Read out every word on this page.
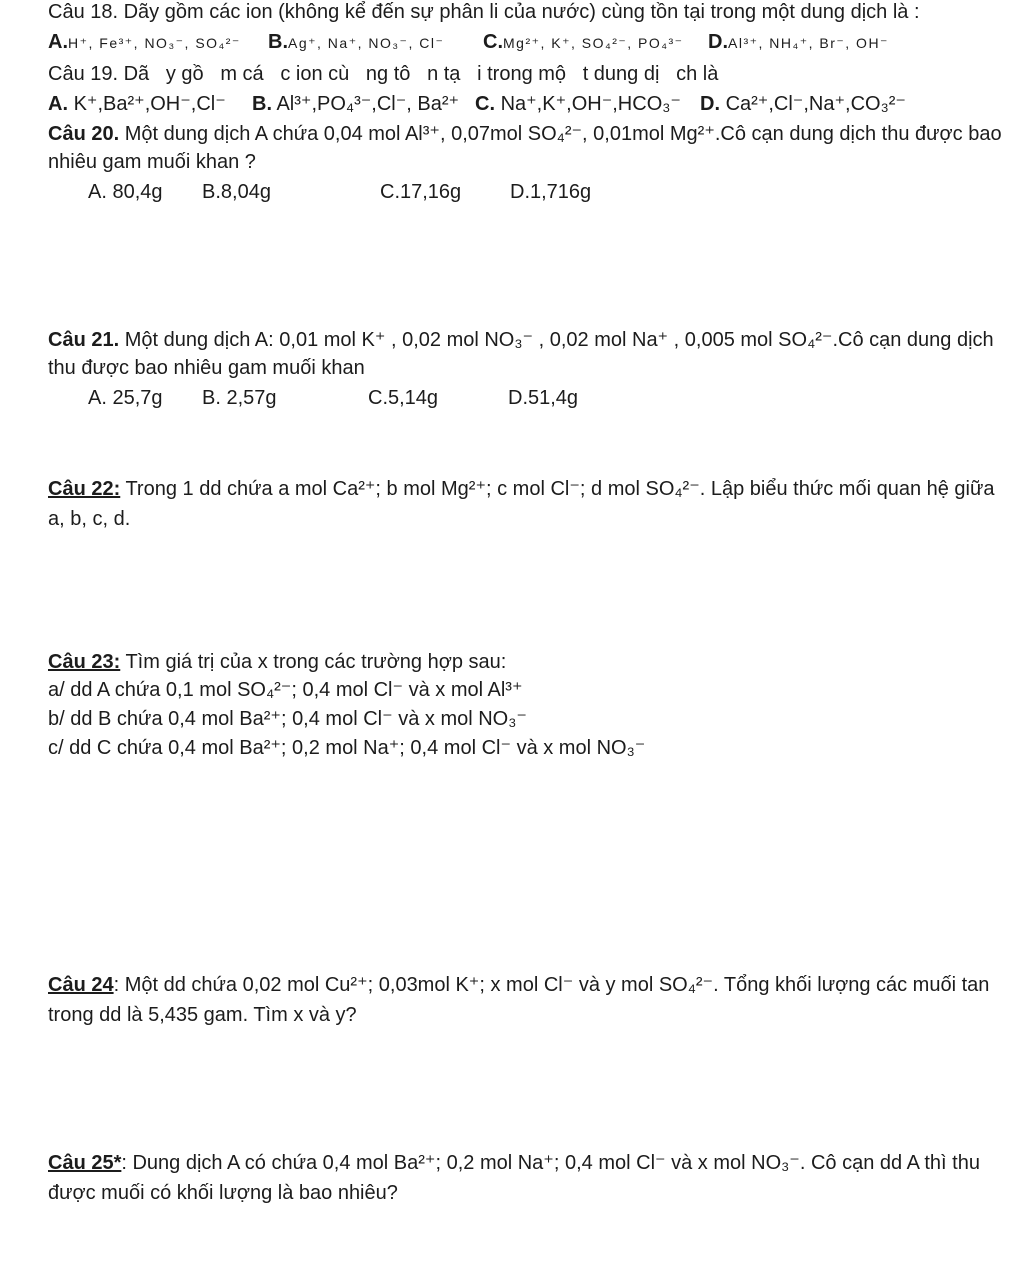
Câu 18. Dãy gồm các ion (không kể đến sự phân li của nước) cùng tồn tại trong một dung dịch là :
A.H⁺, Fe³⁺, NO₃⁻, SO₄²⁻ B.Ag⁺, Na⁺, NO₃⁻, Cl⁻ C.Mg²⁺, K⁺, SO₄²⁻, PO₄³⁻ D.Al³⁺, NH₄⁺, Br⁻, OH⁻
Câu 19. Dã   y gồ   m cá   c ion cù   ng tô   n tạ   i trong mộ   t dung dị   ch là
A. K⁺,Ba²⁺,OH⁻,Cl⁻ B. Al³⁺,PO₄³⁻,Cl⁻, Ba²⁺ C. Na⁺,K⁺,OH⁻,HCO₃⁻ D. Ca²⁺,Cl⁻,Na⁺,CO₃²⁻
Câu 20. Một dung dịch A chứa 0,04 mol Al³⁺, 0,07mol SO₄²⁻, 0,01mol Mg²⁺.Cô cạn dung dịch thu được bao nhiêu gam muối khan ?
A. 80,4g B.8,04g	C.17,16g D.1,716g
Câu 21. Một dung dịch A: 0,01 mol K⁺ , 0,02 mol NO₃⁻ , 0,02 mol Na⁺ , 0,005 mol SO₄²⁻.Cô cạn dung dịch thu được bao nhiêu gam muối khan
A. 25,7g B. 2,57g	C.5,14g	D.51,4g
Câu 22: Trong 1 dd chứa a mol Ca²⁺; b mol Mg²⁺; c mol Cl⁻; d mol SO₄²⁻. Lập biểu thức mối quan hệ giữa a, b, c, d.
Câu 23: Tìm giá trị của x trong các trường hợp sau:
a/ dd A chứa 0,1 mol SO₄²⁻; 0,4 mol Cl⁻ và x mol Al³⁺
b/ dd B chứa 0,4 mol Ba²⁺; 0,4 mol Cl⁻ và x mol NO₃⁻
c/ dd C chứa 0,4 mol Ba²⁺; 0,2 mol Na⁺; 0,4 mol Cl⁻ và x mol NO₃⁻
Câu 24: Một dd chứa 0,02 mol Cu²⁺; 0,03mol K⁺; x mol Cl⁻ và y mol SO₄²⁻. Tổng khối lượng các muối tan trong dd là 5,435 gam. Tìm x và y?
Câu 25*: Dung dịch A có chứa 0,4 mol Ba²⁺; 0,2 mol Na⁺; 0,4 mol Cl⁻ và x mol NO₃⁻. Cô cạn dd A thì thu được muối có khối lượng là bao nhiêu?
